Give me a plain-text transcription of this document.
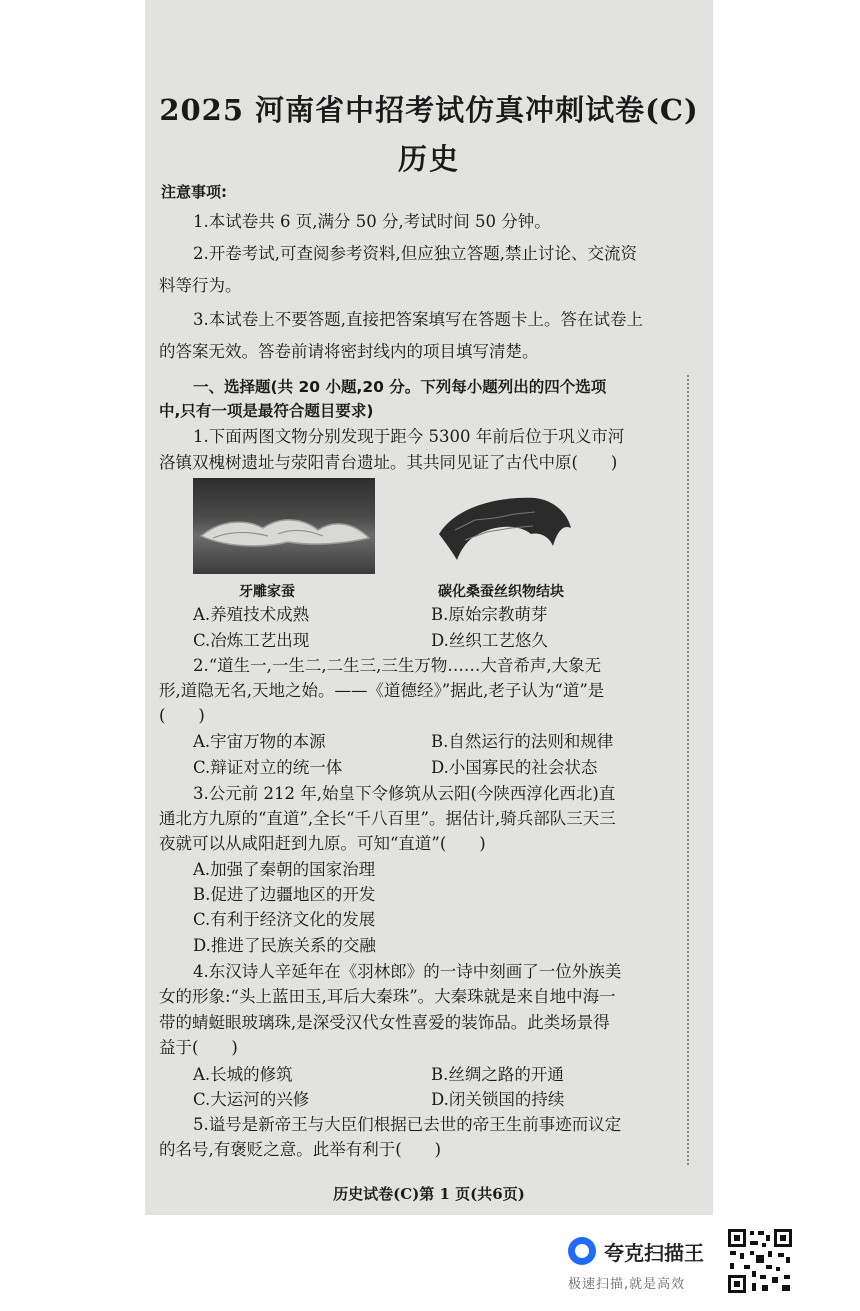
2025 河南省中招考试仿真冲刺试卷(C)
历史
注意事项:
1.本试卷共 6 页,满分 50 分,考试时间 50 分钟。
2.开卷考试,可查阅参考资料,但应独立答题,禁止讨论、交流资
料等行为。
3.本试卷上不要答题,直接把答案填写在答题卡上。答在试卷上
的答案无效。答卷前请将密封线内的项目填写清楚。
一、选择题(共 20 小题,20 分。下列每小题列出的四个选项
中,只有一项是最符合题目要求)
1.下面两图文物分别发现于距今 5300 年前后位于巩义市河
洛镇双槐树遗址与荥阳青台遗址。其共同见证了古代中原(　　)
牙雕家蚕	碳化桑蚕丝织物结块
A.养殖技术成熟	B.原始宗教萌芽
C.冶炼工艺出现	D.丝织工艺悠久
2.“道生一,一生二,二生三,三生万物……大音希声,大象无
形,道隐无名,天地之始。——《道德经》”据此,老子认为“道”是
(　　)
A.宇宙万物的本源	B.自然运行的法则和规律
C.辩证对立的统一体	D.小国寡民的社会状态
3.公元前 212 年,始皇下令修筑从云阳(今陕西淳化西北)直
通北方九原的“直道”,全长“千八百里”。据估计,骑兵部队三天三
夜就可以从咸阳赶到九原。可知“直道”(　　)
A.加强了秦朝的国家治理
B.促进了边疆地区的开发
C.有利于经济文化的发展
D.推进了民族关系的交融
4.东汉诗人辛延年在《羽林郎》的一诗中刻画了一位外族美
女的形象:“头上蓝田玉,耳后大秦珠”。大秦珠就是来自地中海一
带的蜻蜓眼玻璃珠,是深受汉代女性喜爱的装饰品。此类场景得
益于(　　)
A.长城的修筑	B.丝绸之路的开通
C.大运河的兴修	D.闭关锁国的持续
5.谥号是新帝王与大臣们根据已去世的帝王生前事迹而议定
的名号,有褒贬之意。此举有利于(　　)
历史试卷(C)第 1 页(共6页)
夸克扫描王
极速扫描,就是高效
